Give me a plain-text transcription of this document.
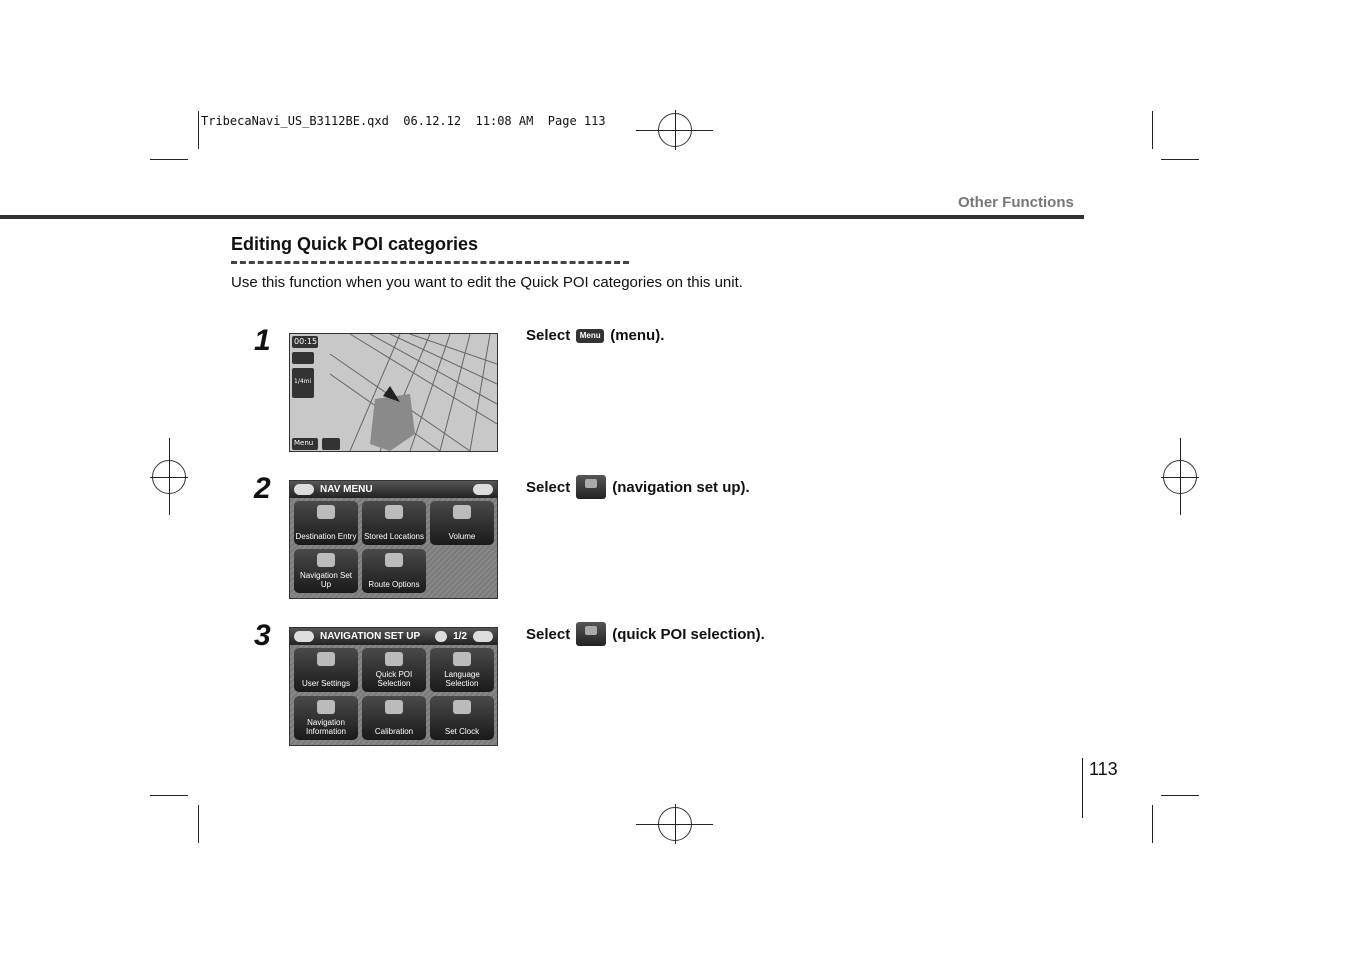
TribecaNavi_US_B3112BE.qxd  06.12.12  11:08 AM  Page 113
Other Functions
Editing Quick POI categories
Use this function when you want to edit the Quick POI categories on this unit.
1	00:15
1/4mi
Menu
Select	Menu (menu).
2	NAV MENU
Destination Entry Stored Locations	Volume
Navigation Set Up	Route Options
Select	(navigation set up).
3	NAVIGATION SET UP	1/2
User Settings
Quick POI Selection
Language Selection
Navigation Information	Calibration	Set Clock
Select	(quick POI selection).
113
